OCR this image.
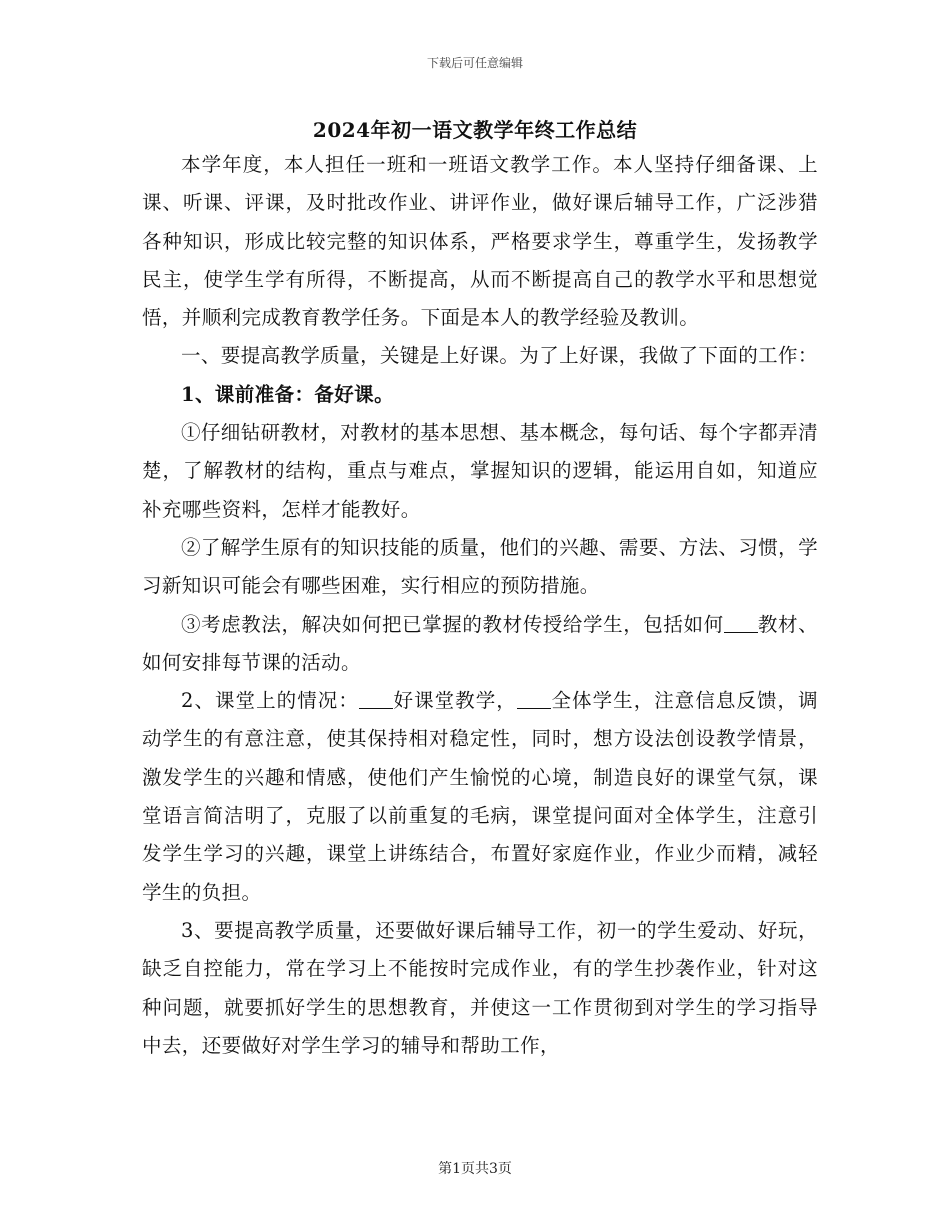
下载后可任意编辑
2024年初一语文教学年终工作总结

本学年度，本人担任一班和一班语文教学工作。本人坚持仔细备课、上课、听课、评课，及时批改作业、讲评作业，做好课后辅导工作，广泛涉猎各种知识，形成比较完整的知识体系，严格要求学生，尊重学生，发扬教学民主，使学生学有所得，不断提高，从而不断提高自己的教学水平和思想觉悟，并顺利完成教育教学任务。下面是本人的教学经验及教训。

一、要提高教学质量，关键是上好课。为了上好课，我做了下面的工作：

1、课前准备：备好课。

①仔细钻研教材，对教材的基本思想、基本概念，每句话、每个字都弄清楚，了解教材的结构，重点与难点，掌握知识的逻辑，能运用自如，知道应补充哪些资料，怎样才能教好。

②了解学生原有的知识技能的质量，他们的兴趣、需要、方法、习惯，学习新知识可能会有哪些困难，实行相应的预防措施。

③考虑教法，解决如何把已掌握的教材传授给学生，包括如何 教材、如何安排每节课的活动。

2、课堂上的情况： 好课堂教学， 全体学生，注意信息反馈，调动学生的有意注意，使其保持相对稳定性，同时，想方设法创设教学情景，激发学生的兴趣和情感，使他们产生愉悦的心境，制造良好的课堂气氛，课堂语言简洁明了，克服了以前重复的毛病，课堂提问面对全体学生，注意引发学生学习的兴趣，课堂上讲练结合，布置好家庭作业，作业少而精，减轻学生的负担。

3、要提高教学质量，还要做好课后辅导工作，初一的学生爱动、好玩，缺乏自控能力，常在学习上不能按时完成作业，有的学生抄袭作业，针对这种问题，就要抓好学生的思想教育，并使这一工作贯彻到对学生的学习指导中去，还要做好对学生学习的辅导和帮助工作，

第1页共3页
